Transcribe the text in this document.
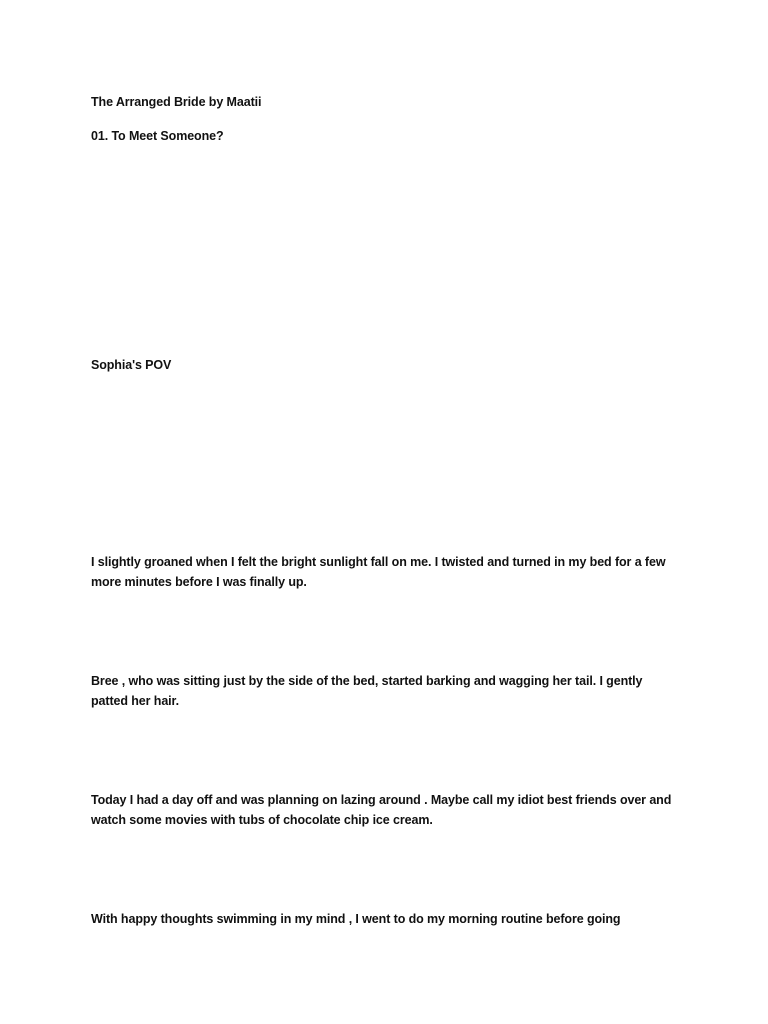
The Arranged Bride by Maatii
01. To Meet Someone?
Sophia's POV
I slightly groaned when I felt the bright sunlight fall on me. I twisted and turned in my bed for a few more minutes before I was finally up.
Bree , who was sitting just by the side of the bed, started barking and wagging her tail. I gently patted her hair.
Today I had a day off and was planning on lazing around . Maybe call my idiot best friends over and watch some movies with tubs of chocolate chip ice cream.
With happy thoughts swimming in my mind , I went to do my morning routine before going
